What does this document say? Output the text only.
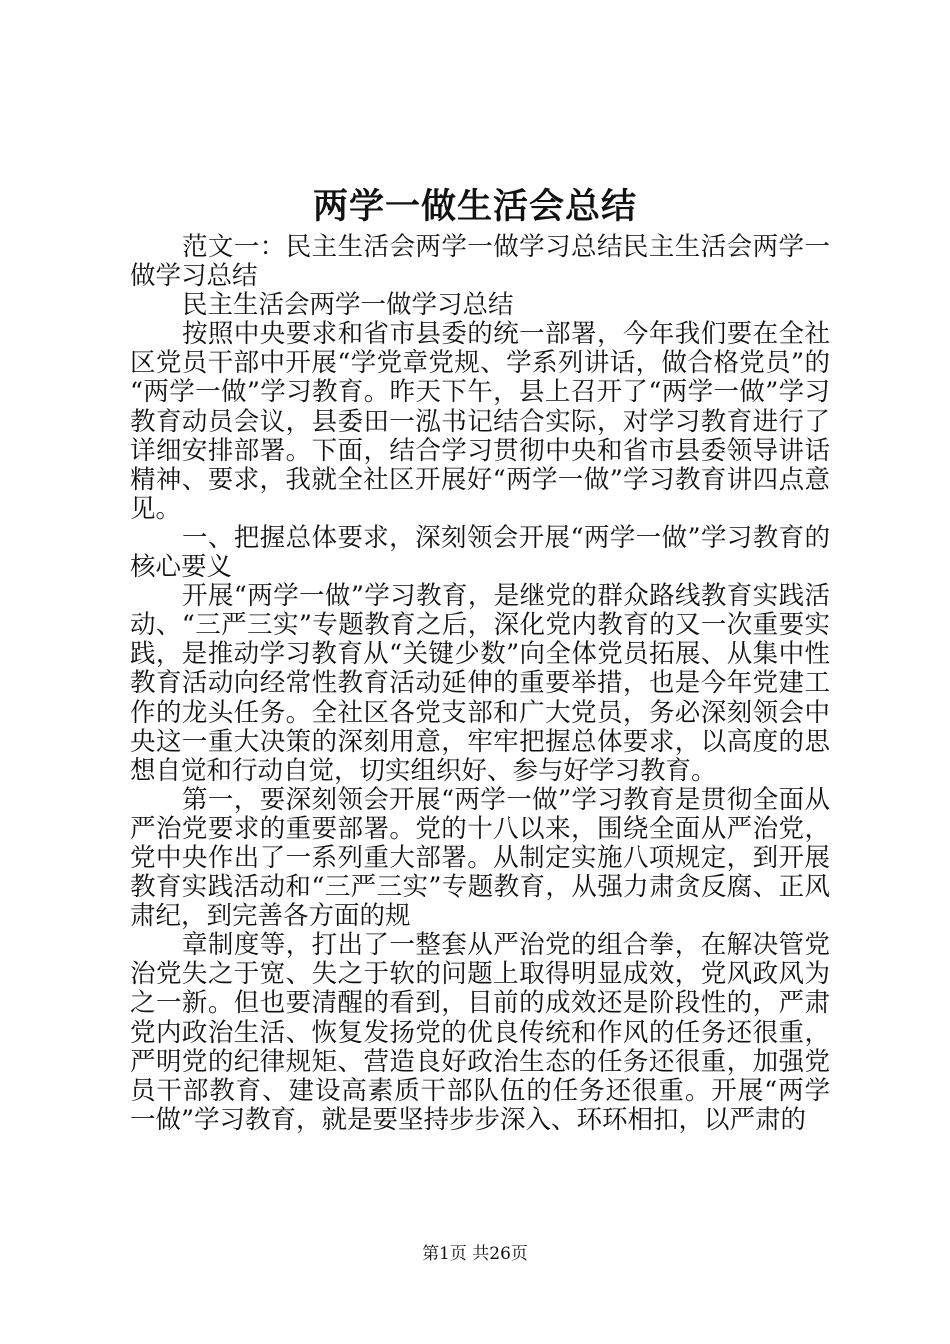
两学一做生活会总结

范文一：民主生活会两学一做学习总结民主生活会两学一做学习总结

民主生活会两学一做学习总结

按照中央要求和省市县委的统一部署，今年我们要在全社区党员干部中开展“学党章党规、学系列讲话，做合格党员”的“两学一做”学习教育。昨天下午，县上召开了“两学一做”学习教育动员会议，县委田一泓书记结合实际，对学习教育进行了详细安排部署。下面，结合学习贯彻中央和省市县委领导讲话精神、要求，我就全社区开展好“两学一做”学习教育讲四点意见。

一、把握总体要求，深刻领会开展“两学一做”学习教育的核心要义

开展“两学一做”学习教育，是继党的群众路线教育实践活动、“三严三实”专题教育之后，深化党内教育的又一次重要实践，是推动学习教育从“关键少数”向全体党员拓展、从集中性教育活动向经常性教育活动延伸的重要举措，也是今年党建工作的龙头任务。全社区各党支部和广大党员，务必深刻领会中央这一重大决策的深刻用意，牢牢把握总体要求，以高度的思想自觉和行动自觉，切实组织好、参与好学习教育。

第一，要深刻领会开展“两学一做”学习教育是贯彻全面从严治党要求的重要部署。党的十八以来，围绕全面从严治党，党中央作出了一系列重大部署。从制定实施八项规定，到开展教育实践活动和“三严三实”专题教育，从强力肃贪反腐、正风肃纪，到完善各方面的规

章制度等，打出了一整套从严治党的组合拳，在解决管党治党失之于宽、失之于软的问题上取得明显成效，党风政风为之一新。但也要清醒的看到，目前的成效还是阶段性的，严肃党内政治生活、恢复发扬党的优良传统和作风的任务还很重，严明党的纪律规矩、营造良好政治生态的任务还很重，加强党员干部教育、建设高素质干部队伍的任务还很重。开展“两学一做”学习教育，就是要坚持步步深入、环环相扣，以严肃的

第1页 共26页
